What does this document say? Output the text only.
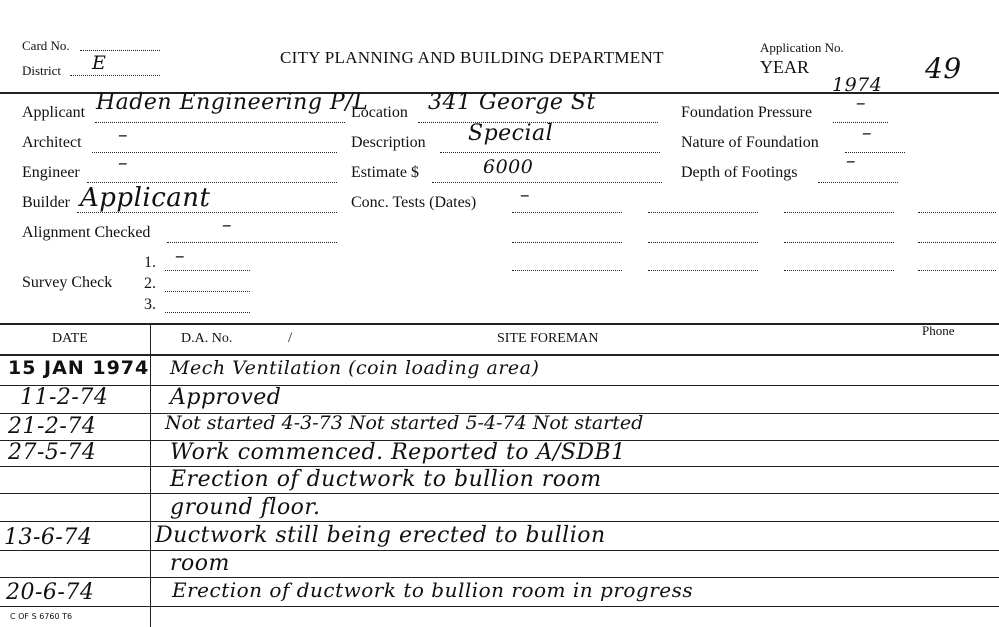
Card No.
District E	CITY PLANNING AND BUILDING DEPARTMENT
Application No.
YEAR
1974 49
Applicant Haden Engineering P/L
Architect –
Engineer –
Builder Applicant
Alignment Checked	–
Survey Check
1. –
2.
3.
Location 341 George St
Description Special
Estimate $	6000
Conc. Tests (Dates) –
Foundation Pressure –
Nature of Foundation –
Depth of Footings
–
DATE	D.A. No.	/	SITE FOREMAN
Phone
15 JAN 1974 Mech Ventilation (coin loading area)
11-2-74	Approved
21-2-74	Not started 4-3-73 Not started 5-4-74 Not started
27-5-74	Work commenced. Reported to A/SDB1
Erection of ductwork to bullion room
ground floor.
13-6-74	Ductwork still being erected to bullion
room
20-6-74	Erection of ductwork to bullion room in progress
C OF S 6760 T6
